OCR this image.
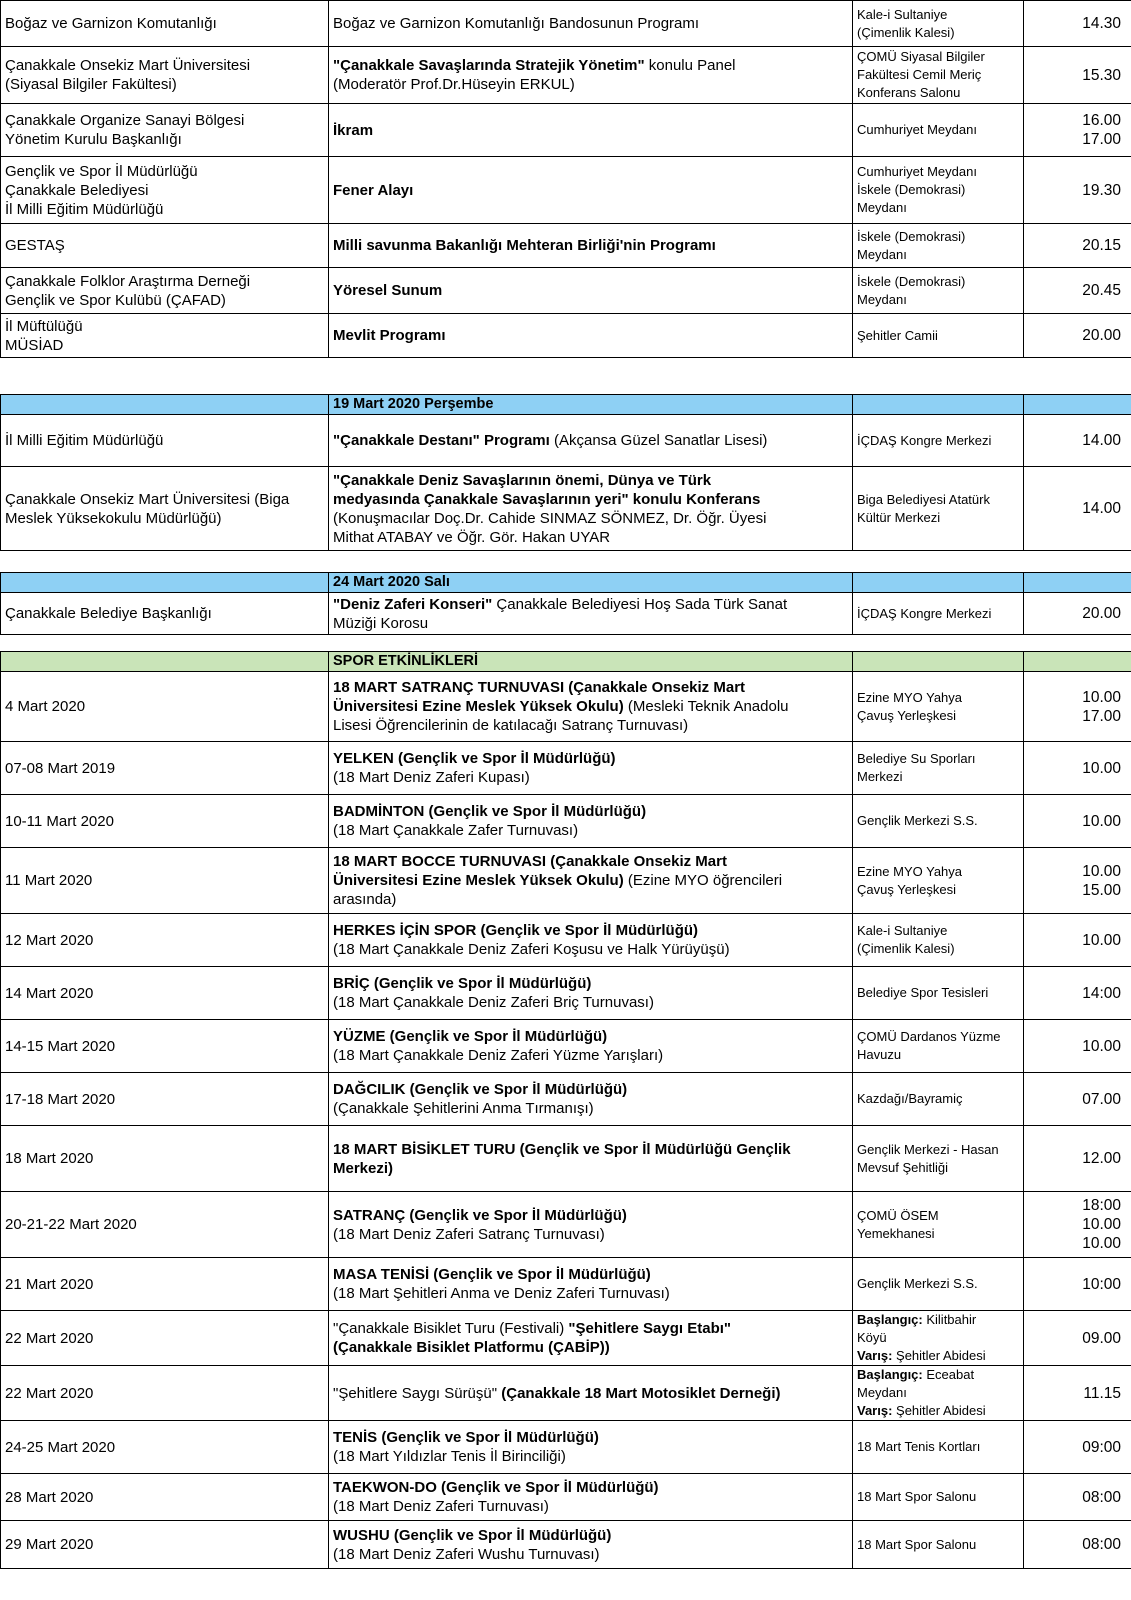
Boğaz ve Garnizon Komutanlığı	Boğaz ve Garnizon Komutanlığı Bandosunun Programı	Kale-i Sultaniye
(Çimenlik Kalesi)	14.30

Çanakkale Onsekiz Mart Üniversitesi
(Siyasal Bilgiler Fakültesi)	"Çanakkale Savaşlarında Stratejik Yönetim" konulu Panel
(Moderatör Prof.Dr.Hüseyin ERKUL)	ÇOMÜ Siyasal Bilgiler
Fakültesi Cemil Meriç
Konferans Salonu	15.30

Çanakkale Organize Sanayi Bölgesi
Yönetim Kurulu Başkanlığı	İkram	Cumhuriyet Meydanı	16.00
17.00

Gençlik ve Spor İl Müdürlüğü
Çanakkale Belediyesi
İl Milli Eğitim Müdürlüğü	Fener Alayı	Cumhuriyet Meydanı
İskele (Demokrasi)
Meydanı	19.30

GESTAŞ	Milli savunma Bakanlığı Mehteran Birliği'nin Programı	İskele (Demokrasi)
Meydanı	20.15

Çanakkale Folklor Araştırma Derneği
Gençlik ve Spor Kulübü (ÇAFAD)	Yöresel Sunum	İskele (Demokrasi)
Meydanı	20.45

İl Müftülüğü
MÜSİAD	Mevlit Programı	Şehitler Camii	20.00
	19 Mart 2020 Perşembe		

İl Milli Eğitim Müdürlüğü	"Çanakkale Destanı" Programı (Akçansa Güzel Sanatlar Lisesi)	İÇDAŞ Kongre Merkezi	14.00

Çanakkale Onsekiz Mart Üniversitesi (Biga
Meslek Yüksekokulu Müdürlüğü)	"Çanakkale Deniz Savaşlarının önemi, Dünya ve Türk
medyasında Çanakkale Savaşlarının yeri" konulu Konferans
(Konuşmacılar Doç.Dr. Cahide SINMAZ SÖNMEZ, Dr. Öğr. Üyesi
Mithat ATABAY ve Öğr. Gör. Hakan UYAR	Biga Belediyesi Atatürk
Kültür Merkezi	14.00
	24 Mart 2020 Salı		

Çanakkale Belediye Başkanlığı	"Deniz Zaferi Konseri" Çanakkale Belediyesi Hoş Sada Türk Sanat
Müziği Korosu	İÇDAŞ Kongre Merkezi	20.00
	SPOR ETKİNLİKLERİ		

4 Mart 2020	18 MART SATRANÇ TURNUVASI (Çanakkale Onsekiz Mart
Üniversitesi Ezine Meslek Yüksek Okulu) (Mesleki Teknik Anadolu
Lisesi Öğrencilerinin de katılacağı Satranç Turnuvası)	Ezine MYO Yahya
Çavuş Yerleşkesi	10.00
17.00

07-08 Mart 2019	YELKEN (Gençlik ve Spor İl Müdürlüğü)
(18 Mart Deniz Zaferi Kupası)	Belediye Su Sporları
Merkezi	10.00

10-11 Mart 2020	BADMİNTON (Gençlik ve Spor İl Müdürlüğü)
(18 Mart Çanakkale Zafer Turnuvası)	Gençlik Merkezi S.S.	10.00

11 Mart 2020	18 MART BOCCE TURNUVASI (Çanakkale Onsekiz Mart
Üniversitesi Ezine Meslek Yüksek Okulu) (Ezine MYO öğrencileri
arasında)	Ezine MYO Yahya
Çavuş Yerleşkesi	10.00
15.00

12 Mart 2020	HERKES İÇİN SPOR (Gençlik ve Spor İl Müdürlüğü)
(18 Mart Çanakkale Deniz Zaferi Koşusu ve Halk Yürüyüşü)	Kale-i Sultaniye
(Çimenlik Kalesi)	10.00

14 Mart 2020	BRİÇ (Gençlik ve Spor İl Müdürlüğü)
(18 Mart Çanakkale Deniz Zaferi Briç Turnuvası)	Belediye Spor Tesisleri	14:00

14-15 Mart 2020	YÜZME (Gençlik ve Spor İl Müdürlüğü)
(18 Mart Çanakkale Deniz Zaferi Yüzme Yarışları)	ÇOMÜ Dardanos Yüzme
Havuzu	10.00

17-18 Mart 2020	DAĞCILIK (Gençlik ve Spor İl Müdürlüğü)
(Çanakkale Şehitlerini Anma Tırmanışı)	Kazdağı/Bayramiç	07.00

18 Mart 2020	18 MART BİSİKLET TURU (Gençlik ve Spor İl Müdürlüğü Gençlik
Merkezi)	Gençlik Merkezi - Hasan
Mevsuf Şehitliği	12.00

20-21-22 Mart 2020	SATRANÇ (Gençlik ve Spor İl Müdürlüğü)
(18 Mart Deniz Zaferi Satranç Turnuvası)	ÇOMÜ ÖSEM
Yemekhanesi	18:00
10.00
10.00

21 Mart 2020	MASA TENİSİ (Gençlik ve Spor İl Müdürlüğü)
(18 Mart Şehitleri Anma ve Deniz Zaferi Turnuvası)	Gençlik Merkezi S.S.	10:00

22 Mart 2020	"Çanakkale Bisiklet Turu (Festivali) "Şehitlere Saygı Etabı"
(Çanakkale Bisiklet Platformu (ÇABİP))	Başlangıç: Kilitbahir
Köyü
Varış: Şehitler Abidesi	09.00

22 Mart 2020	"Şehitlere Saygı Sürüşü" (Çanakkale 18 Mart Motosiklet Derneği)	Başlangıç: Eceabat
Meydanı
Varış: Şehitler Abidesi	11.15

24-25 Mart 2020	TENİS (Gençlik ve Spor İl Müdürlüğü)
(18 Mart Yıldızlar Tenis İl Birinciliği)	18 Mart Tenis Kortları	09:00

28 Mart 2020	TAEKWON-DO (Gençlik ve Spor İl Müdürlüğü)
(18 Mart Deniz Zaferi Turnuvası)	18 Mart Spor Salonu	08:00

29 Mart 2020	WUSHU (Gençlik ve Spor İl Müdürlüğü)
(18 Mart Deniz Zaferi Wushu Turnuvası)	18 Mart Spor Salonu	08:00
